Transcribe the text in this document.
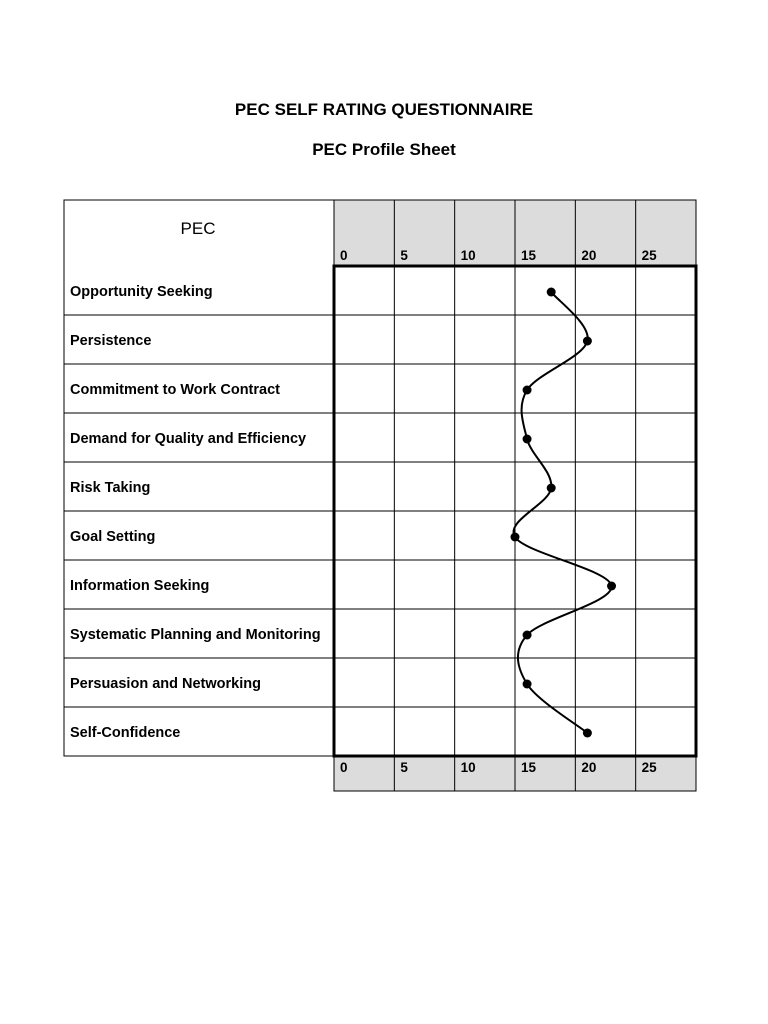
PEC SELF RATING QUESTIONNAIRE
PEC Profile Sheet
PEC
0
0
5
5
10
10
15
15
20
20
25
25
Opportunity Seeking
Persistence
Commitment to Work Contract
Demand for Quality and Efficiency
Risk Taking
Goal Setting
Information Seeking
Systematic Planning and Monitoring
Persuasion and Networking
Self-Confidence
